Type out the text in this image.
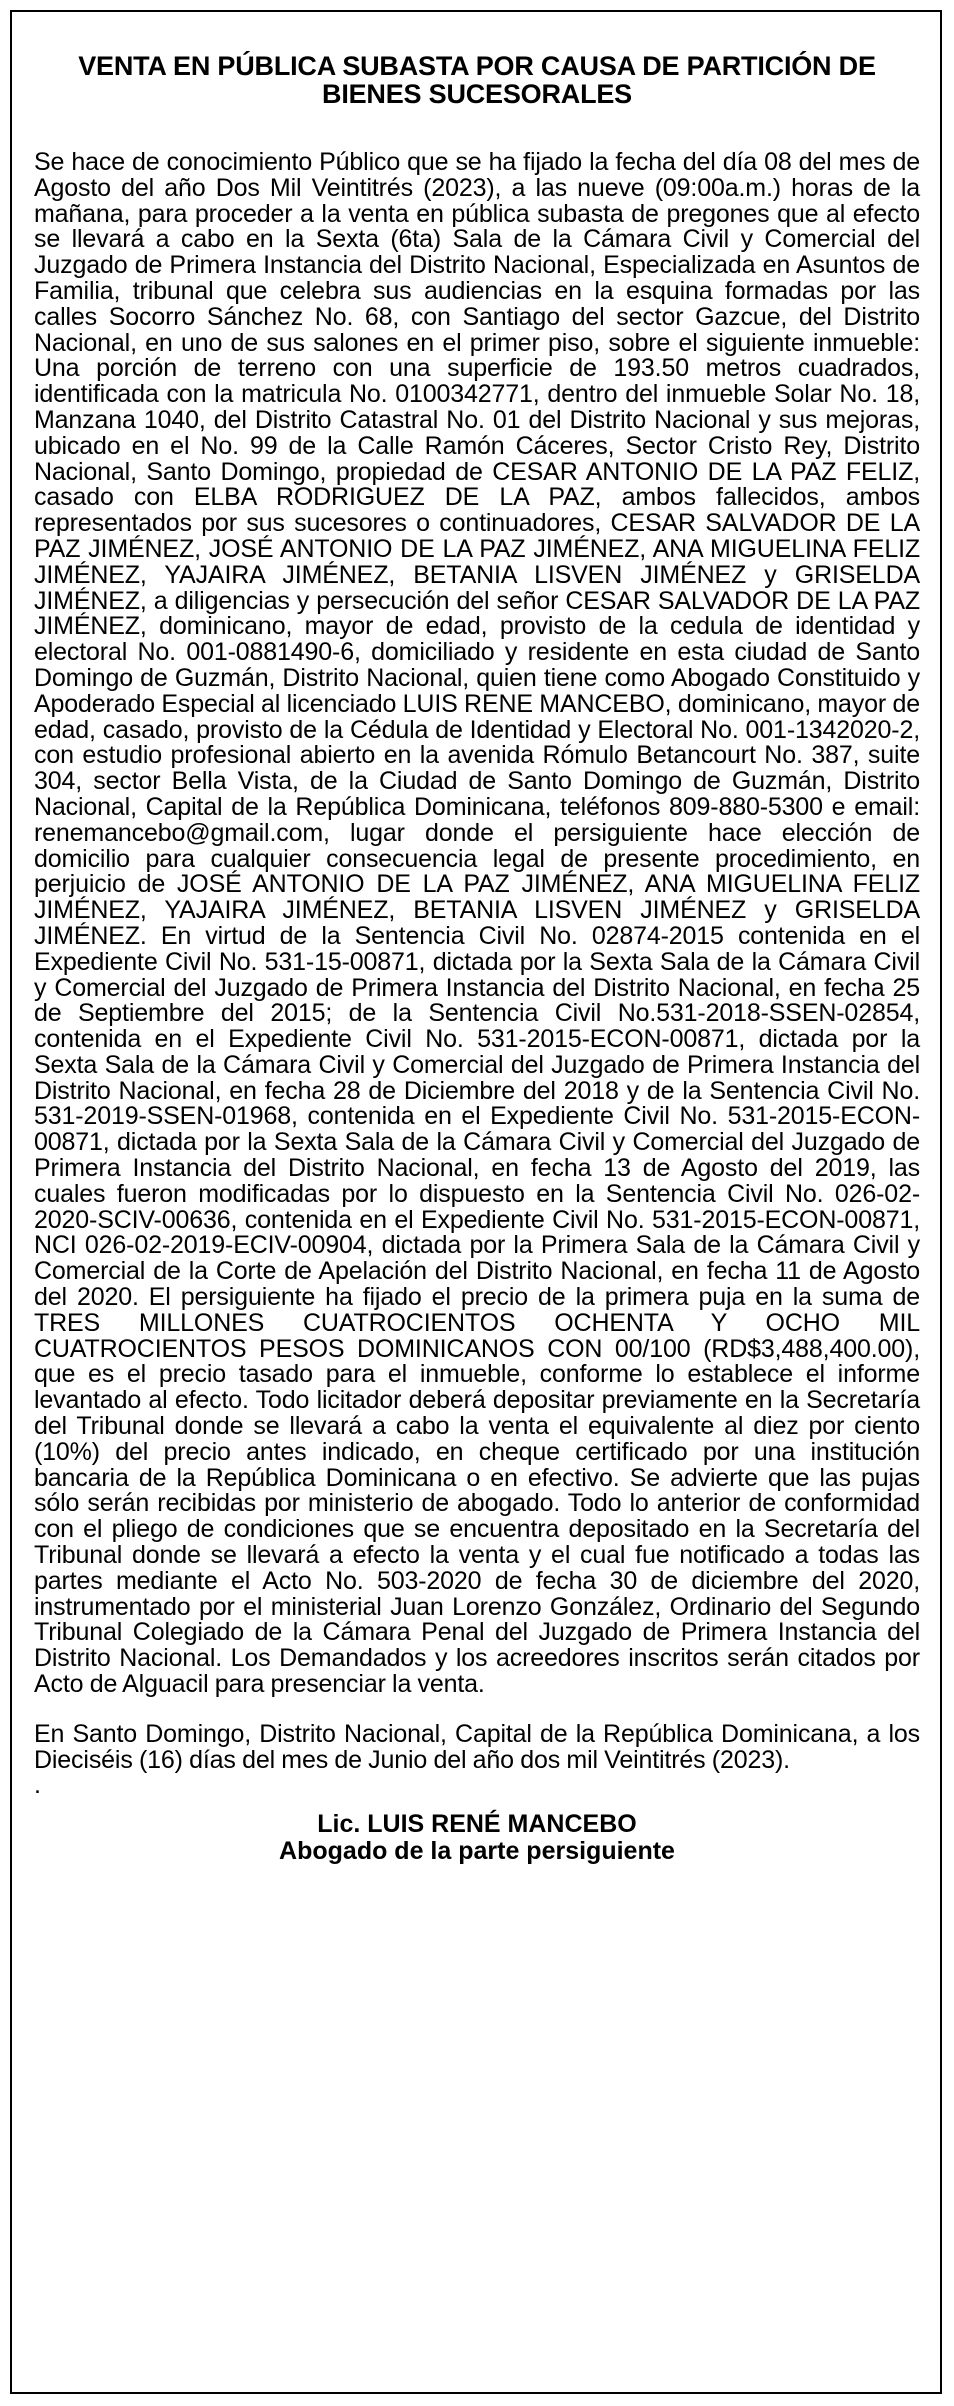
VENTA EN PÚBLICA SUBASTA POR CAUSA DE PARTICIÓN DE BIENES SUCESORALES

Se hace de conocimiento Público que se ha fijado la fecha del día 08 del mes de Agosto del año Dos Mil Veintitrés (2023), a las nueve (09:00a.m.) horas de la mañana, para proceder a la venta en pública subasta de pregones que al efecto se llevará a cabo en la Sexta (6ta) Sala de la Cámara Civil y Comercial del Juzgado de Primera Instancia del Distrito Nacional, Especializada en Asuntos de Familia, tribunal que celebra sus audiencias en la esquina formadas por las calles Socorro Sánchez No. 68, con Santiago del sector Gazcue, del Distrito Nacional, en uno de sus salones en el primer piso, sobre el siguiente inmueble: Una porción de terreno con una superficie de 193.50 metros cuadrados, identificada con la matricula No. 0100342771, dentro del inmueble Solar No. 18, Manzana 1040, del Distrito Catastral No. 01 del Distrito Nacional y sus mejoras, ubicado en el No. 99 de la Calle Ramón Cáceres, Sector Cristo Rey, Distrito Nacional, Santo Domingo, propiedad de CESAR ANTONIO DE LA PAZ FELIZ, casado con ELBA RODRIGUEZ DE LA PAZ, ambos fallecidos, ambos representados por sus sucesores o continuadores, CESAR SALVADOR DE LA PAZ JIMÉNEZ, JOSÉ ANTONIO DE LA PAZ JIMÉNEZ, ANA MIGUELINA FELIZ JIMÉNEZ, YAJAIRA JIMÉNEZ, BETANIA LISVEN JIMÉNEZ y GRISELDA JIMÉNEZ, a diligencias y persecución del señor CESAR SALVADOR DE LA PAZ JIMÉNEZ, dominicano, mayor de edad, provisto de la cedula de identidad y electoral No. 001-0881490-6, domiciliado y residente en esta ciudad de Santo Domingo de Guzmán, Distrito Nacional, quien tiene como Abogado Constituido y Apoderado Especial al licenciado LUIS RENE MANCEBO, dominicano, mayor de edad, casado, provisto de la Cédula de Identidad y Electoral No. 001-1342020-2, con estudio profesional abierto en la avenida Rómulo Betancourt No. 387, suite 304, sector Bella Vista, de la Ciudad de Santo Domingo de Guzmán, Distrito Nacional, Capital de la República Dominicana, teléfonos 809-880-5300 e email: renemancebo@gmail.com, lugar donde el persiguiente hace elección de domicilio para cualquier consecuencia legal de presente procedimiento, en perjuicio de JOSÉ ANTONIO DE LA PAZ JIMÉNEZ, ANA MIGUELINA FELIZ JIMÉNEZ, YAJAIRA JIMÉNEZ, BETANIA LISVEN JIMÉNEZ y GRISELDA JIMÉNEZ. En virtud de la Sentencia Civil No. 02874-2015 contenida en el Expediente Civil No. 531-15-00871, dictada por la Sexta Sala de la Cámara Civil y Comercial del Juzgado de Primera Instancia del Distrito Nacional, en fecha 25 de Septiembre del 2015; de la Sentencia Civil No.531-2018-SSEN-02854, contenida en el Expediente Civil No. 531-2015-ECON-00871, dictada por la Sexta Sala de la Cámara Civil y Comercial del Juzgado de Primera Instancia del Distrito Nacional, en fecha 28 de Diciembre del 2018 y de la Sentencia Civil No. 531-2019-SSEN-01968, contenida en el Expediente Civil No. 531-2015-ECON-00871, dictada por la Sexta Sala de la Cámara Civil y Comercial del Juzgado de Primera Instancia del Distrito Nacional, en fecha 13 de Agosto del 2019, las cuales fueron modificadas por lo dispuesto en la Sentencia Civil No. 026-02-2020-SCIV-00636, contenida en el Expediente Civil No. 531-2015-ECON-00871, NCI 026-02-2019-ECIV-00904, dictada por la Primera Sala de la Cámara Civil y Comercial de la Corte de Apelación del Distrito Nacional, en fecha 11 de Agosto del 2020. El persiguiente ha fijado el precio de la primera puja en la suma de TRES MILLONES CUATROCIENTOS OCHENTA Y OCHO MIL CUATROCIENTOS PESOS DOMINICANOS CON 00/100 (RD$3,488,400.00), que es el precio tasado para el inmueble, conforme lo establece el informe levantado al efecto. Todo licitador deberá depositar previamente en la Secretaría del Tribunal donde se llevará a cabo la venta el equivalente al diez por ciento (10%) del precio antes indicado, en cheque certificado por una institución bancaria de la República Dominicana o en efectivo. Se advierte que las pujas sólo serán recibidas por ministerio de abogado. Todo lo anterior de conformidad con el pliego de condiciones que se encuentra depositado en la Secretaría del Tribunal donde se llevará a efecto la venta y el cual fue notificado a todas las partes mediante el Acto No. 503-2020 de fecha 30 de diciembre del 2020, instrumentado por el ministerial Juan Lorenzo González, Ordinario del Segundo Tribunal Colegiado de la Cámara Penal del Juzgado de Primera Instancia del Distrito Nacional. Los Demandados y los acreedores inscritos serán citados por Acto de Alguacil para presenciar la venta.

En Santo Domingo, Distrito Nacional, Capital de la República Dominicana, a los Dieciséis (16) días del mes de Junio del año dos mil Veintitrés (2023).

.

Lic. LUIS RENÉ MANCEBO
Abogado de la parte persiguiente
